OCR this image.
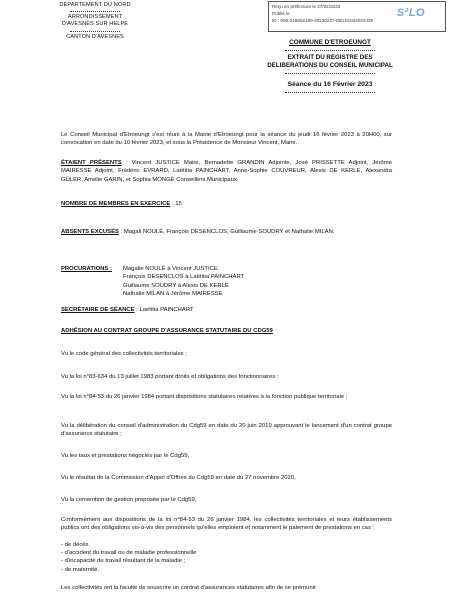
DÉPARTEMENT DU NORD
ARRONDISSEMENT
D'AVESNES SUR HELPE
CANTON D'AVESNES
Reçu en préfecture le 27/02/2023
Publié le
ID : 059-215902180-20230227-DEL01022023-DE
S²LO
COMMUNE D'ETROEUNGT
EXTRAIT DU REGISTRE DES
DELIBERATIONS DU CONSEIL MUNICIPAL
Séance du 16 Février 2023
Le Conseil Municipal d'Etroeungt s'est réuni à la Mairie d'Etroeungt pour la séance du jeudi 16 février 2023 à 20H00, sur convocation en date du 10 février 2023, et sous la Présidence de Monsieur Vincent, Maire.
ÉTAIENT PRÉSENTS : Vincent JUSTICE Maire, Bernadette GRANDIN Adjointe, José PRISSETTE Adjoint, Jérôme MAIRESSE Adjoint, Frédéric EVRARD, Laëtitia PAINCHART, Anne-Sophie COUVREUR, Alexis DE KERLE, Alexandra GÜLER, Amélie GARIN, et Sophia MONGÉ Conseillers Municipaux.
NOMBRE DE MEMBRES EN EXERCICE : 15
ABSENTS EXCUSÉS : Magali NOULÉ, François DESENCLOS, Guillaume SOUDRY et Nathalie MILAN.
PROCURATIONS :	Magalie NOULÉ à Vincent JUSTICE
François DESENCLOS à Laëtitia PAINCHART
Guillaume SOUDRY à Alexis DE KERLE
Nathalie MILAN à Jérôme MAIRESSE
SECRÉTAIRE DE SÉANCE : Laëtitia PAINCHART
ADHÉSION AU CONTRAT GROUPE D'ASSURANCE STATUTAIRE DU CDG59
Vu le code général des collectivités territoriales ;
Vu la loi n°83-634 du 13 juillet 1983 portant droits et obligations des fonctionnaires ;
Vu la loi n°84-53 du 26 janvier 1984 portant dispositions statutaires relatives à la fonction publique territoriale ;
Vu la délibération du conseil d'administration du Cdg59 en date du 20 juin 2019 approuvant le lancement d'un contrat groupe d'assurance statutaire ;
Vu les taux et prestations négociés par le Cdg59,
Vu le résultat de la Commission d'Appel d'Offres du Cdg59 en date du 27 novembre 2020,
Vu la convention de gestion proposée par le Cdg59,
Conformément aux dispositions de la loi n°84-53 du 26 janvier 1984, les collectivités territoriales et leurs établissements publics ont des obligations vis-à-vis des personnels qu'elles emploient et notamment le paiement de prestations en cas :
- de décès
- d'accident du travail ou de maladie professionnelle
- d'incapacité de travail résultant de la maladie ;
- de maternité.
Les collectivités ont la faculté de souscrire un contrat d'assurances statutaires afin de se prémunir
